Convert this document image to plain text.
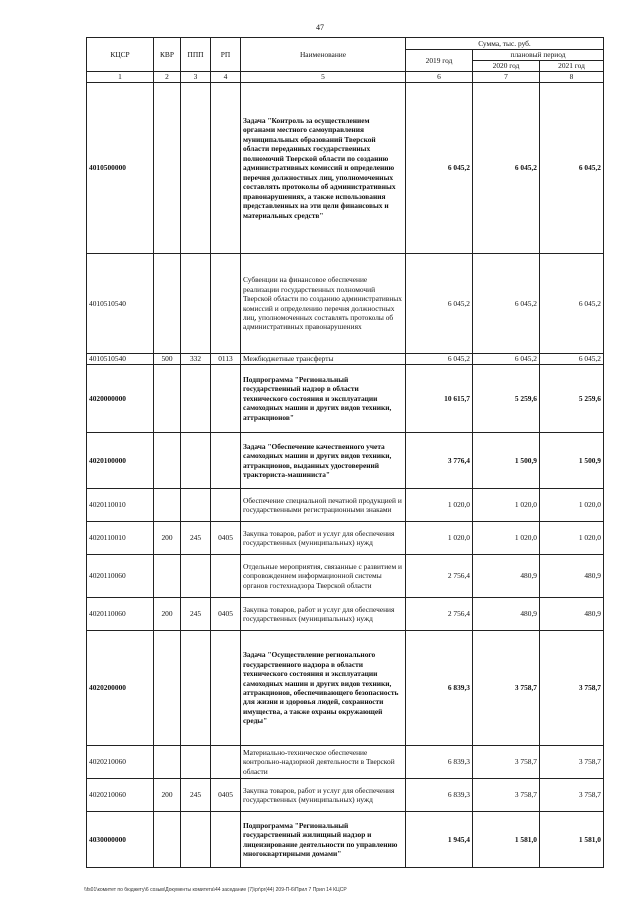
47
КЦСР	КВР	ППП	РП	Наименование	Сумма, тыс. руб.		
					2019 год	плановый период	
						2020 год	2021 год
1	2	3	4	5	6	7	8
4010500000				Задача "Контроль за осуществлением органами местного самоуправления муниципальных образований Тверской области переданных государственных полномочий Тверской области по созданию административных комиссий и определению перечня должностных лиц, уполномоченных составлять протоколы об административных правонарушениях, а также использования представленных на эти цели финансовых и материальных средств"	6 045,2	6 045,2	6 045,2
4010510540				Субвенции на финансовое обеспечение реализации государственных полномочий Тверской области по созданию административных комиссий и определению перечня должностных лиц, уполномоченных составлять протоколы об административных правонарушениях	6 045,2	6 045,2	6 045,2
4010510540	500	332	0113	Межбюджетные трансферты	6 045,2	6 045,2	6 045,2
4020000000				Подпрограмма "Региональный государственный надзор в области технического состояния и эксплуатации самоходных машин и других видов техники, аттракционов"	10 615,7	5 259,6	5 259,6
4020100000				Задача "Обеспечение качественного учета самоходных машин и других видов техники, аттракционов, выданных удостоверений тракториста-машиниста"	3 776,4	1 500,9	1 500,9
4020110010				Обеспечение специальной печатной продукцией и государственными регистрационными знаками	1 020,0	1 020,0	1 020,0
4020110010	200	245	0405	Закупка товаров, работ и услуг для обеспечения государственных (муниципальных) нужд	1 020,0	1 020,0	1 020,0
4020110060				Отдельные мероприятия, связанные с развитием и сопровождением информационной системы органов гостехнадзора Тверской области	2 756,4	480,9	480,9
4020110060	200	245	0405	Закупка товаров, работ и услуг для обеспечения государственных (муниципальных) нужд	2 756,4	480,9	480,9
4020200000				Задача "Осуществление регионального государственного надзора в области технического состояния и эксплуатации самоходных машин и других видов техники, аттракционов, обеспечивающего безопасность для жизни и здоровья людей, сохранности имущества, а также охраны окружающей среды"	6 839,3	3 758,7	3 758,7
4020210060				Материально-техническое обеспечение контрольно-надзорной деятельности в Тверской области	6 839,3	3 758,7	3 758,7
4020210060	200	245	0405	Закупка товаров, работ и услуг для обеспечения государственных (муниципальных) нужд	6 839,3	3 758,7	3 758,7
4030000000				Подпрограмма "Региональный государственный жилищный надзор и лицензирование деятельности по управлению многоквартирными домами"	1 945,4	1 581,0	1 581,0
\\fs01\комитет по бюджету\6 созыв\Документы комитета\44 заседание (7)\pr\pr(44) 209-П-6\Прил 7 Прил 14 КЦСР
